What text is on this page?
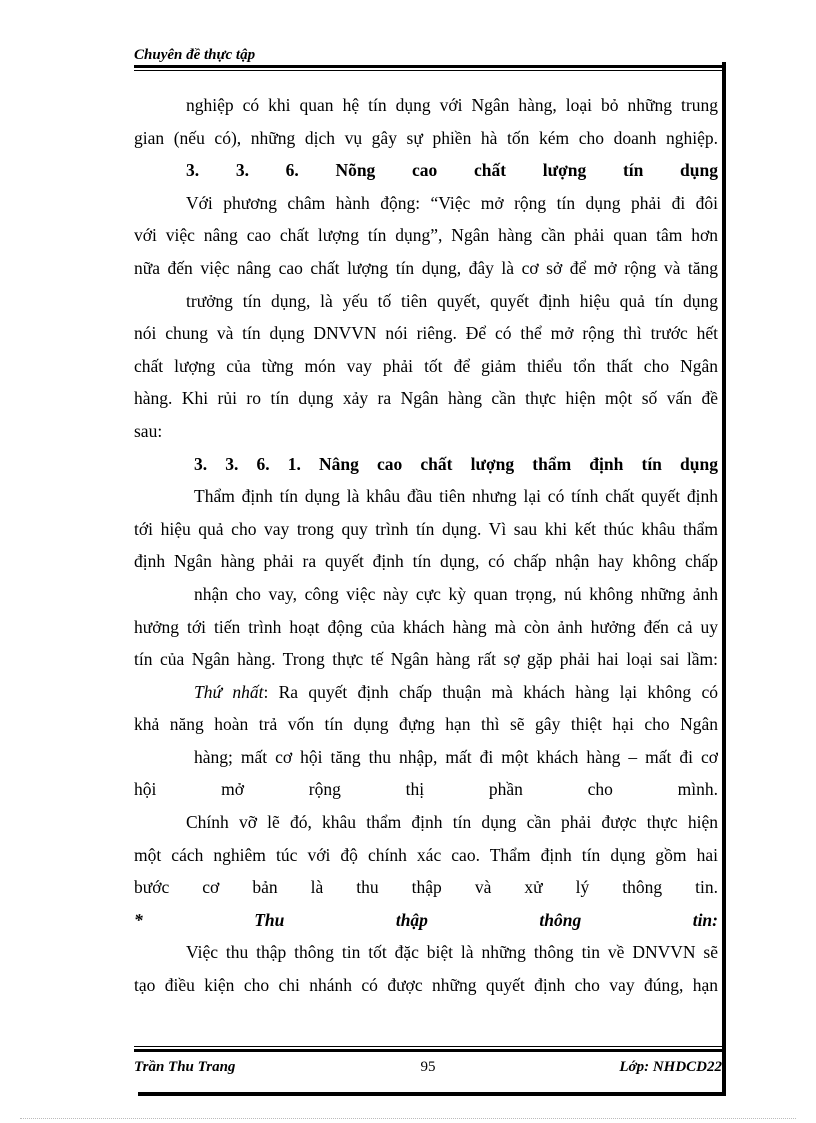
Chuyên đề thực tập
nghiệp có khi quan hệ tín dụng với Ngân hàng, loại bỏ những trung
gian (nếu có), những dịch vụ gây sự phiền hà tốn kém cho doanh nghiệp.
3. 3. 6. Nõng cao chất lượng tín dụng
Với phương châm hành động: “Việc mở rộng tín dụng phải đi đôi
với việc nâng cao chất lượng tín dụng”, Ngân hàng cần phải quan tâm hơn
nữa đến việc nâng cao chất lượng tín dụng, đây là cơ sở để mở rộng và tăng
trưởng tín dụng, là yếu tố tiên quyết, quyết định hiệu quả tín dụng
nói chung và tín dụng DNVVN nói riêng. Để có thể mở rộng thì trước hết
chất lượng của từng món vay phải tốt để giảm thiểu tổn thất cho Ngân
hàng. Khi rủi ro tín dụng xảy ra Ngân hàng cần thực hiện một số vấn đề
sau:
3. 3. 6. 1. Nâng cao chất lượng thẩm định tín dụng
Thẩm định tín dụng là khâu đầu tiên nhưng lại có tính chất quyết định
tới hiệu quả cho vay trong quy trình tín dụng. Vì sau khi kết thúc khâu thẩm
định Ngân hàng phải ra quyết định tín dụng, có chấp nhận hay không chấp
nhận cho vay, công việc này cực kỳ quan trọng, nú không những ảnh
hưởng tới tiến trình hoạt động của khách hàng mà còn ảnh hưởng đến cả uy
tín của Ngân hàng. Trong thực tế Ngân hàng rất sợ gặp phải hai loại sai lầm:
Thứ nhất: Ra quyết định chấp thuận mà khách hàng lại không có
khả năng hoàn trả vốn tín dụng đựng hạn thì sẽ gây thiệt hại cho Ngân
hàng; mất cơ hội tăng thu nhập, mất đi một khách hàng – mất đi cơ
hội mở rộng thị phần cho mình.
Chính vỡ lẽ đó, khâu thẩm định tín dụng cần phải được thực hiện
một cách nghiêm túc với độ chính xác cao. Thẩm định tín dụng gồm hai
bước cơ bản là thu thập và xử lý thông tin.
* Thu thập thông tin:
Việc thu thập thông tin tốt đặc biệt là những thông tin về DNVVN sẽ
tạo điều kiện cho chi nhánh có được những quyết định cho vay đúng, hạn
Trần Thu Trang	95	Lớp: NHDCD22
